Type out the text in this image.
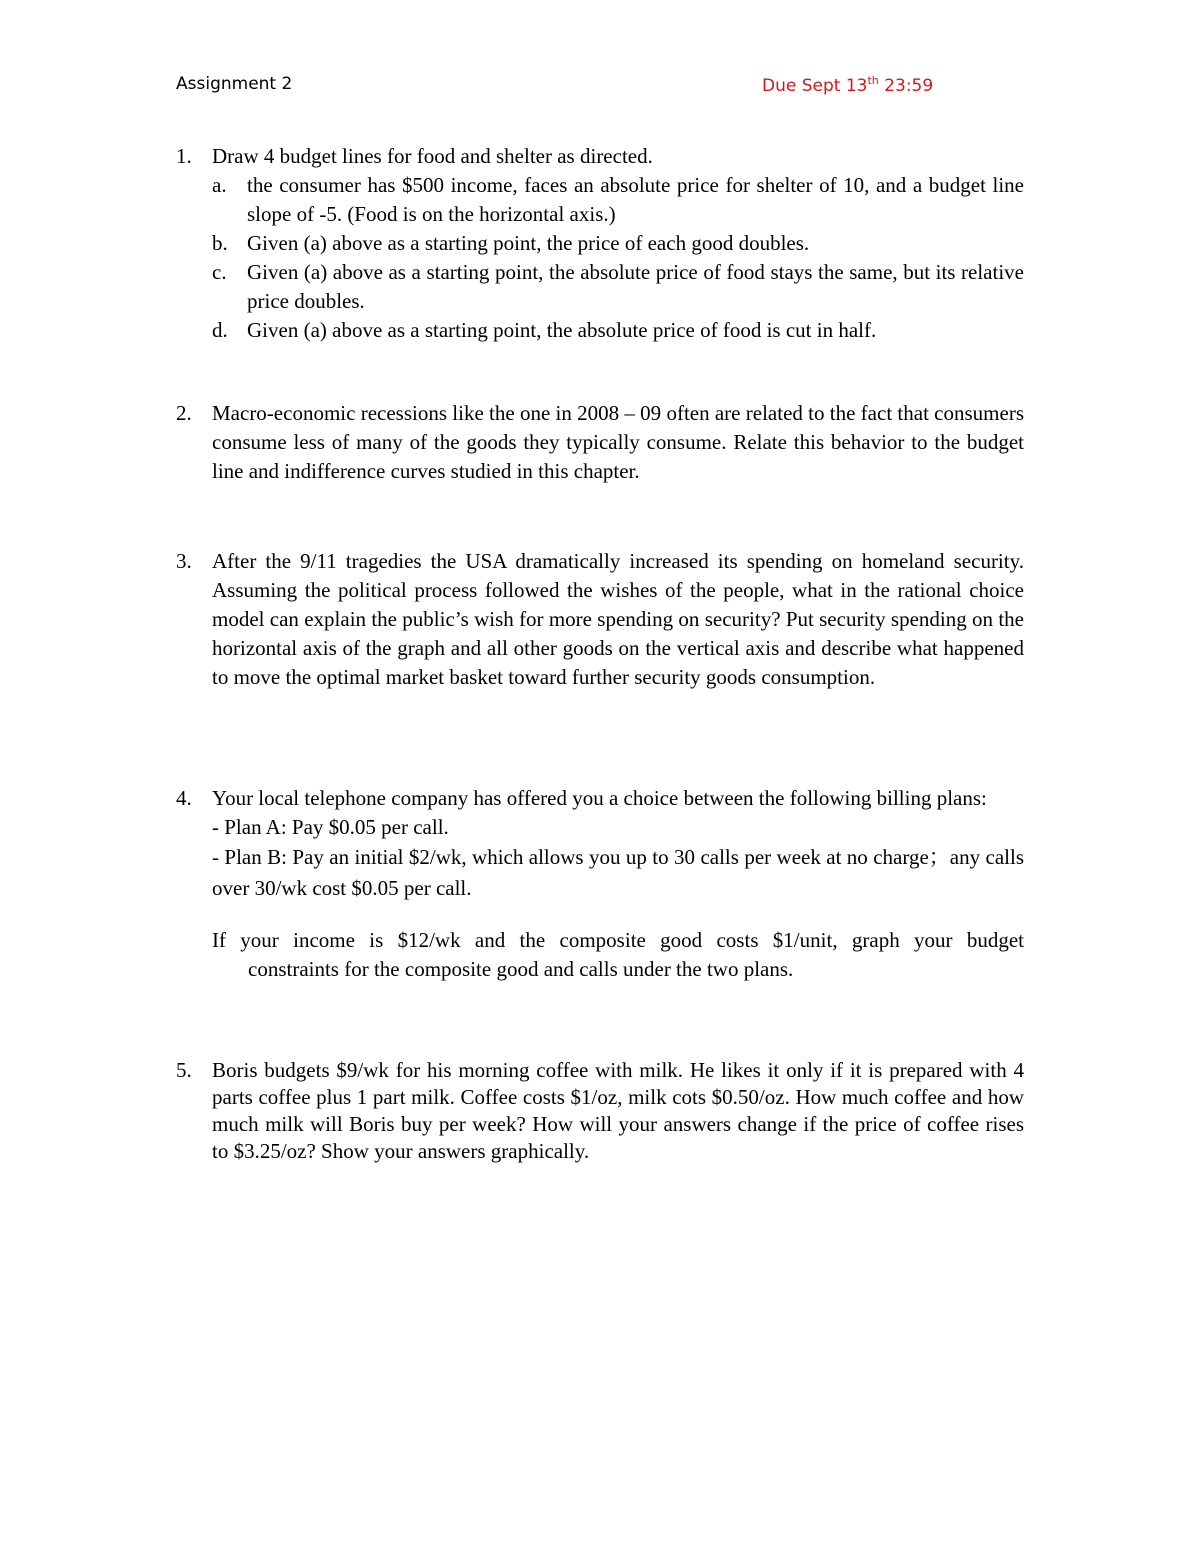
Assignment 2	Due Sept 13th 23:59
1. Draw 4 budget lines for food and shelter as directed.
a. the consumer has $500 income, faces an absolute price for shelter of 10, and a budget line slope of -5. (Food is on the horizontal axis.)
b. Given (a) above as a starting point, the price of each good doubles.
c. Given (a) above as a starting point, the absolute price of food stays the same, but its relative price doubles.
d. Given (a) above as a starting point, the absolute price of food is cut in half.
2. Macro-economic recessions like the one in 2008 – 09 often are related to the fact that consumers consume less of many of the goods they typically consume. Relate this behavior to the budget line and indifference curves studied in this chapter.
3. After the 9/11 tragedies the USA dramatically increased its spending on homeland security. Assuming the political process followed the wishes of the people, what in the rational choice model can explain the public’s wish for more spending on security? Put security spending on the horizontal axis of the graph and all other goods on the vertical axis and describe what happened to move the optimal market basket toward further security goods consumption.
4. Your local telephone company has offered you a choice between the following billing plans:
- Plan A: Pay $0.05 per call.
- Plan B: Pay an initial $2/wk, which allows you up to 30 calls per week at no charge；any calls over 30/wk cost $0.05 per call.
If your income is $12/wk and the composite good costs $1/unit, graph your budget
constraints for the composite good and calls under the two plans.
5. Boris budgets $9/wk for his morning coffee with milk. He likes it only if it is prepared with 4 parts coffee plus 1 part milk. Coffee costs $1/oz, milk cots $0.50/oz. How much coffee and how much milk will Boris buy per week? How will your answers change if the price of coffee rises to $3.25/oz? Show your answers graphically.
